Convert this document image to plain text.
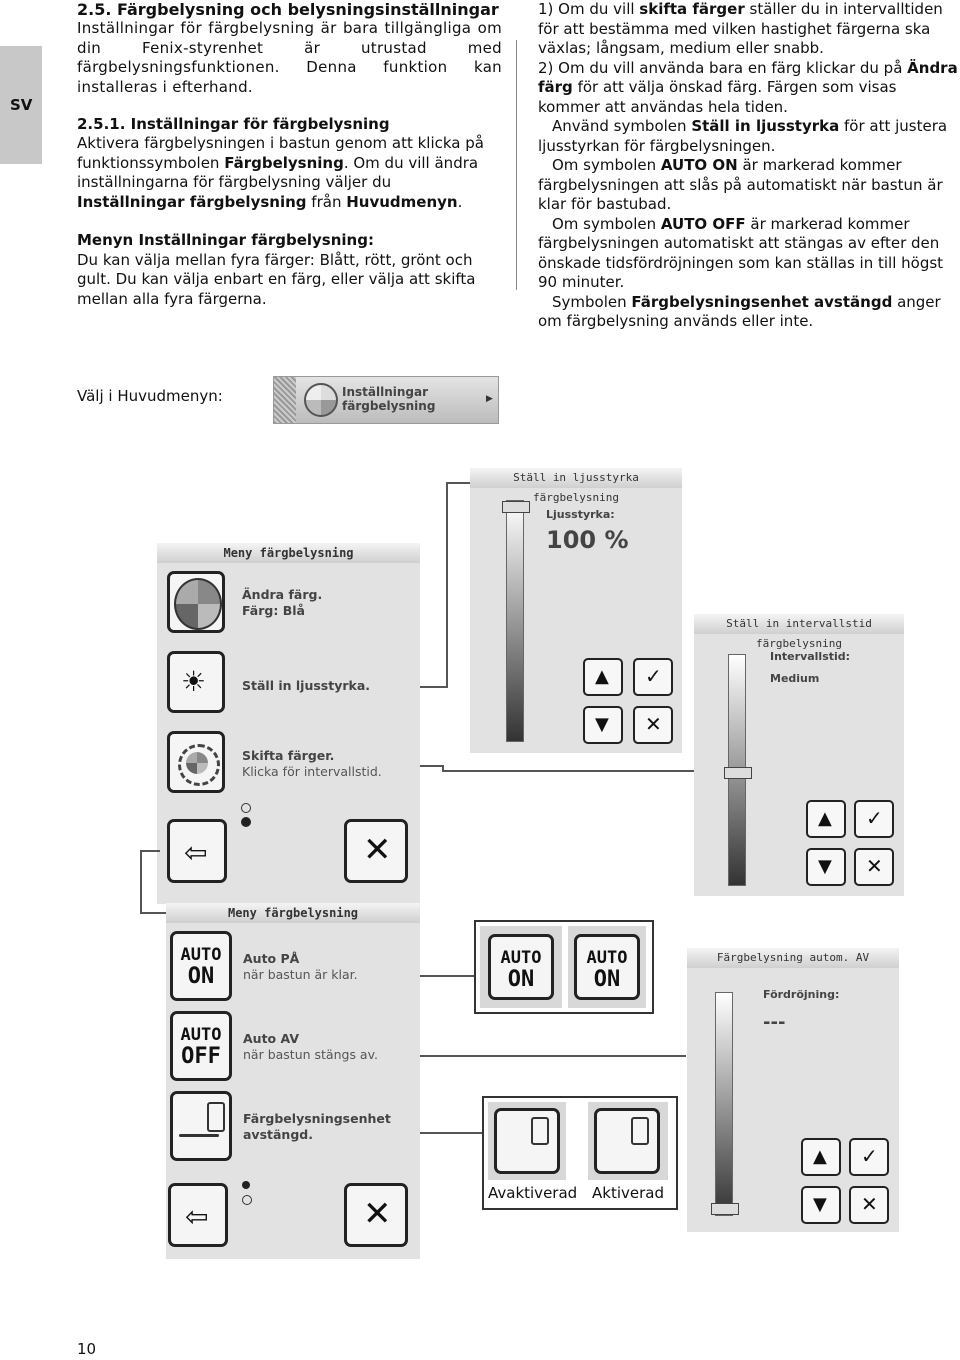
SV

2.5. Färgbelysning och belysningsinställningar

Inställningar för färgbelysning är bara tillgängliga om din Fenix-styrenhet är utrustad med färgbelysningsfunktionen. Denna funktion kan installeras i efterhand.

2.5.1. Inställningar för färgbelysning

Aktivera färgbelysningen i bastun genom att klicka på funktionssymbolen Färgbelysning. Om du vill ändra inställningarna för färgbelysning väljer du Inställningar färgbelysning från Huvudmenyn.

Menyn Inställningar färgbelysning:

Du kan välja mellan fyra färger: Blått, rött, grönt och gult. Du kan välja enbart en färg, eller välja att skifta mellan alla fyra färgerna.

1) Om du vill skifta färger ställer du in intervalltiden för att bestämma med vilken hastighet färgerna ska växlas; långsam, medium eller snabb.

2) Om du vill använda bara en färg klickar du på Ändra färg för att välja önskad färg. Färgen som visas kommer att användas hela tiden.

Använd symbolen Ställ in ljusstyrka för att justera ljusstyrkan för färgbelysningen.

Om symbolen AUTO ON är markerad kommer färgbelysningen att slås på automatiskt när bastun är klar för bastubad.

Om symbolen AUTO OFF är markerad kommer färgbelysningen automatiskt att stängas av efter den önskade tidsfördröjningen som kan ställas in till högst 90 minuter.

Symbolen Färgbelysningsenhet avstängd anger om färgbelysning används eller inte.

Välj i Huvudmenyn:	Inställningar
färgbelysning	▶
Meny färgbelysning
Ändra färg.
Färg: Blå
☀	Ställ in ljusstyrka.
Skifta färger.
Klicka för intervallstid.
⇦	✕
Meny färgbelysning
AUTO
ON
Auto PÅ
när bastun är klar.
AUTO
OFF
Auto AV
när bastun stängs av.
Färgbelysningsenhet
avstängd.
⇦	✕
Ställ in ljusstyrka färgbelysning
Ljusstyrka:
100 %
▲ ✓
▼ ✕
Ställ in intervallstid färgbelysning
Intervallstid:
Medium
▲ ✓
▼ ✕
AUTO
ON
AUTO
ON
Avaktiverad Aktiverad
Färgbelysning autom. AV
Fördröjning:
---
▲ ✓
▼ ✕
10
